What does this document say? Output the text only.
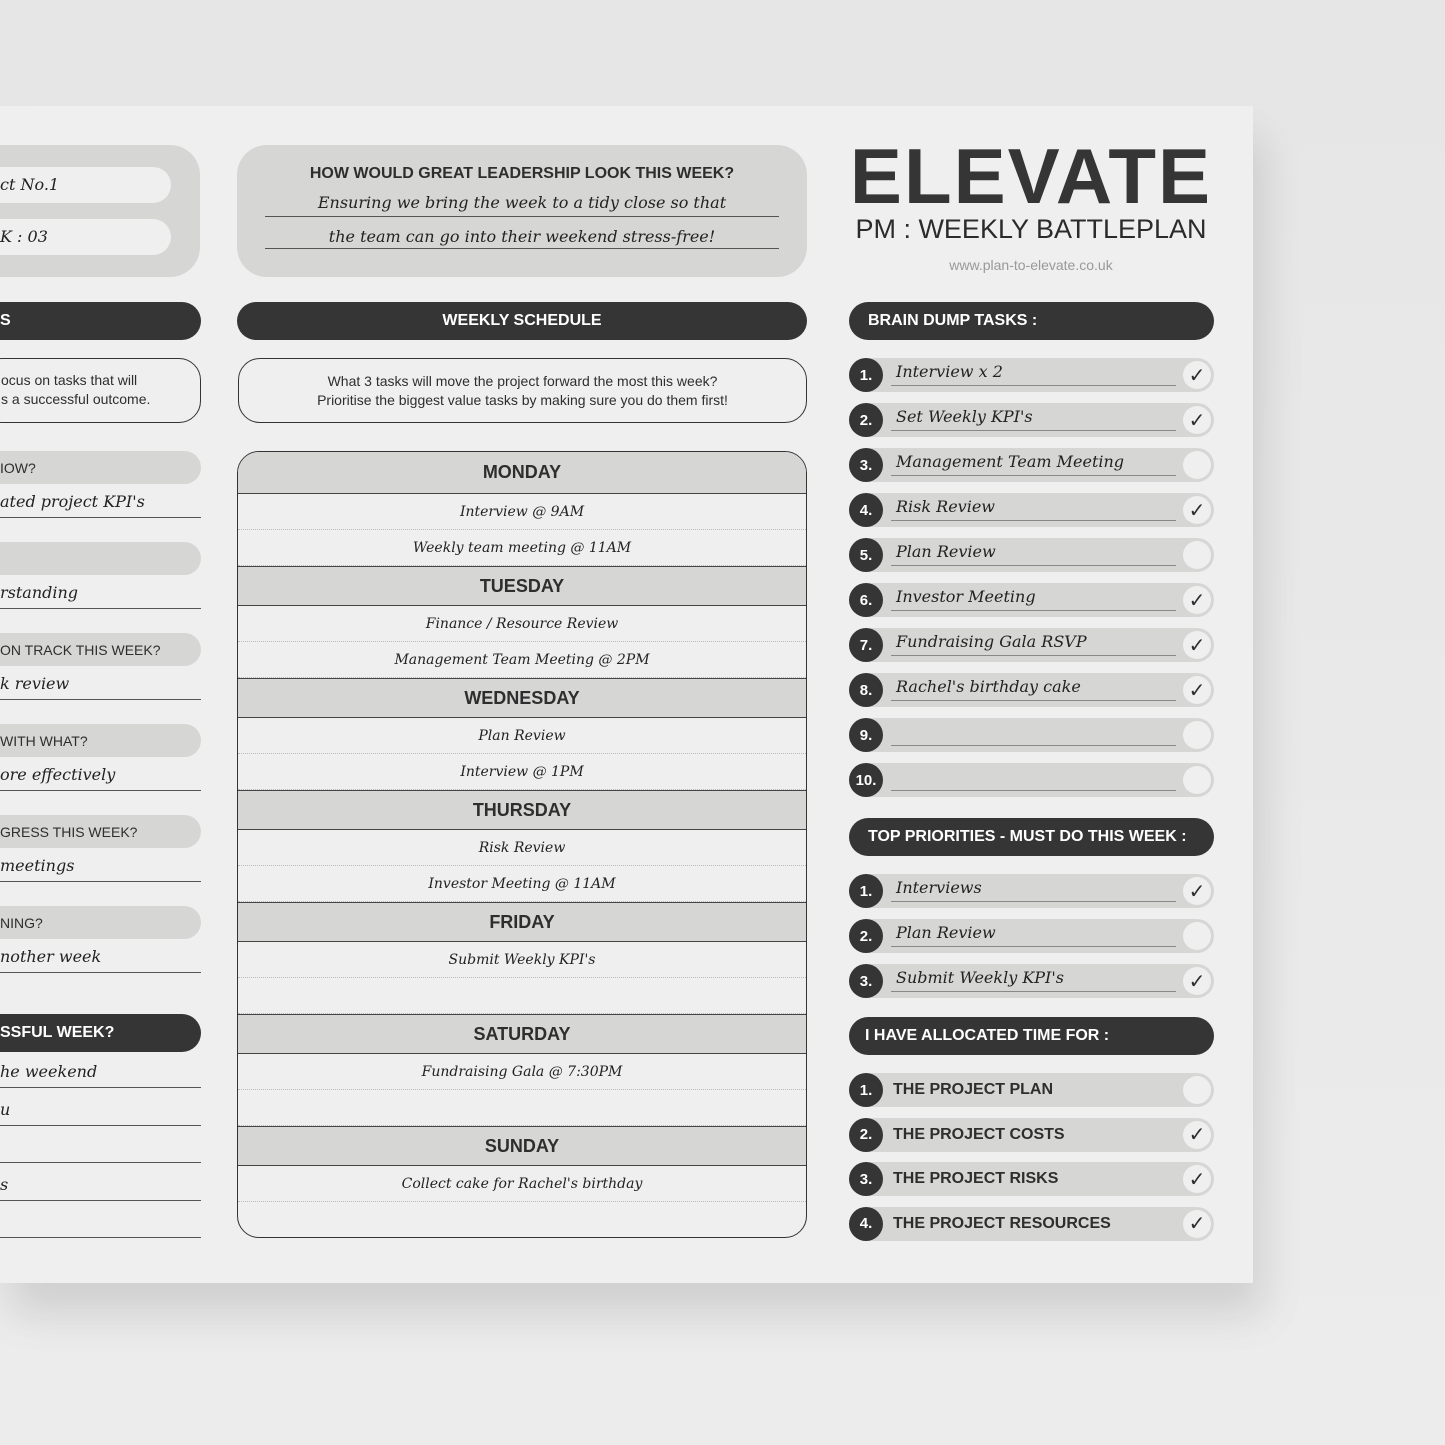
ct No.1
K : 03
S
ocus on tasks that will
s a successful outcome.
IOW?
ated project KPI's
rstanding
ON TRACK THIS WEEK?
k review
WITH WHAT?
ore effectively
GRESS THIS WEEK?
meetings
NING?
nother week
SSFUL WEEK?
he weekend
u
s
HOW WOULD GREAT LEADERSHIP LOOK THIS WEEK?
Ensuring we bring the week to a tidy close so that
the team can go into their weekend stress-free!
WEEKLY SCHEDULE
What 3 tasks will move the project forward the most this week?
Prioritise the biggest value tasks by making sure you do them first!
MONDAY
Interview @ 9AM
Weekly team meeting @ 11AM
TUESDAY
Finance / Resource Review
Management Team Meeting @ 2PM
WEDNESDAY
Plan Review
Interview @ 1PM
THURSDAY
Risk Review
Investor Meeting @ 11AM
FRIDAY
Submit Weekly KPI's
SATURDAY
Fundraising Gala @ 7:30PM
SUNDAY
Collect cake for Rachel's birthday
ELEVATE
PM : WEEKLY BATTLEPLAN
www.plan-to-elevate.co.uk
BRAIN DUMP TASKS :
TOP PRIORITIES - MUST DO THIS WEEK :
I HAVE ALLOCATED TIME FOR :
1.	Interview x 2	✓
2.	Set Weekly KPI's	✓
3.	Management Team Meeting
4.	Risk Review	✓
5.	Plan Review
6.	Investor Meeting	✓
7.	Fundraising Gala RSVP	✓
8.	Rachel's birthday cake	✓
9.
10.
1.	Interviews	✓
2.	Plan Review
3.	Submit Weekly KPI's	✓
1.	THE PROJECT PLAN
2.	THE PROJECT COSTS	✓
3.	THE PROJECT RISKS	✓
4.	THE PROJECT RESOURCES	✓
